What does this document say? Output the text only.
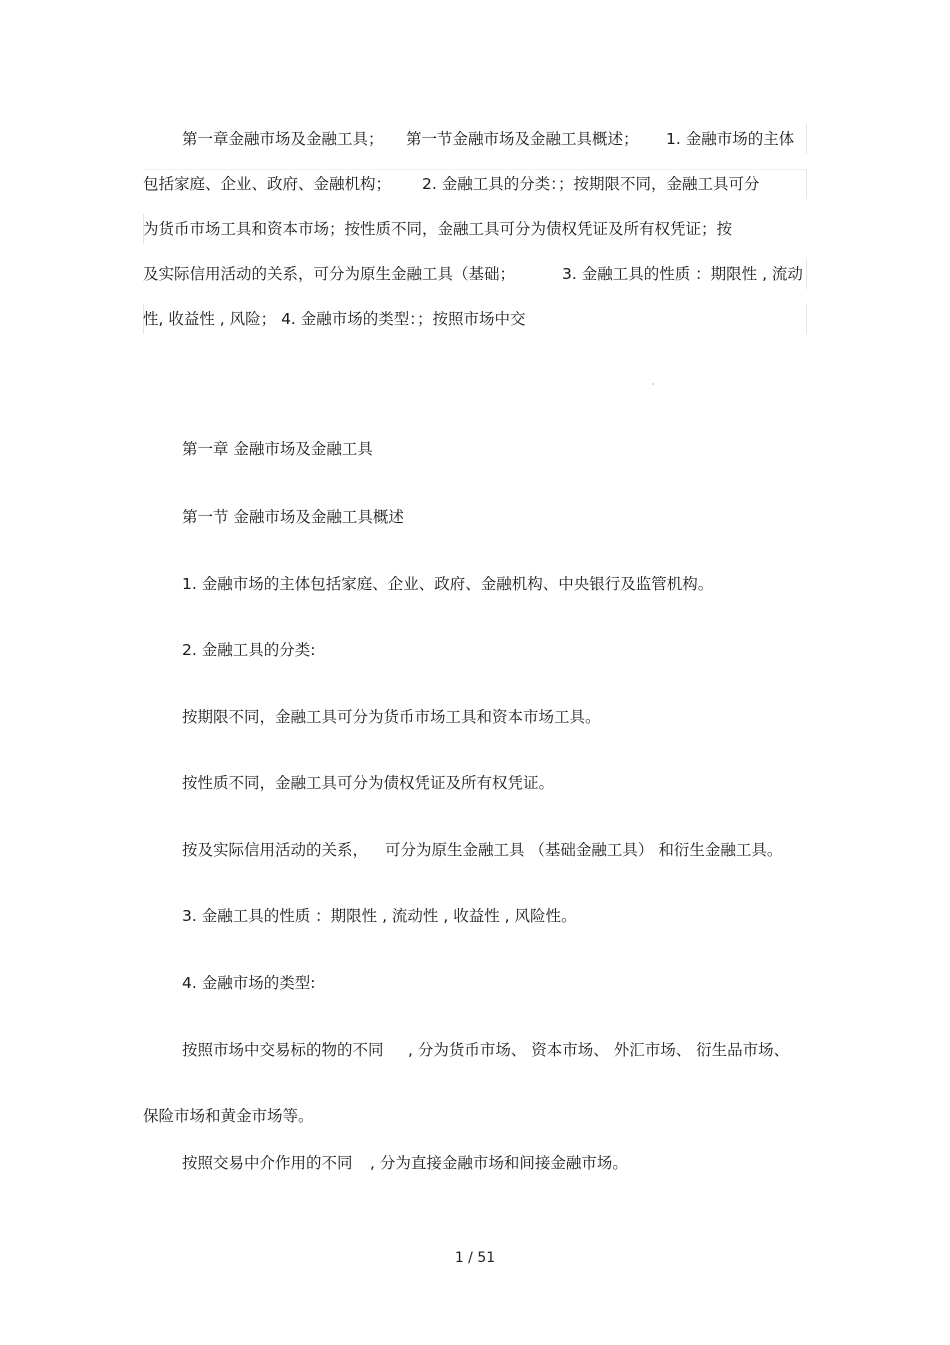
第一章金融市场及金融工具； 第一节金融市场及金融工具概述； 1. 金融市场的主体
包括家庭、企业、政府、金融机构； 2. 金融工具的分类：；按期限不同，金融工具可分
为货币市场工具和资本市场；按性质不同，金融工具可分为债权凭证及所有权凭证；按
及实际信用活动的关系，可分为原生金融工具（基础；	3. 金融工具的性质 ：期限性 , 流动
性, 收益性 , 风险； 4. 金融市场的类型：；按照市场中交
第一章 金融市场及金融工具
第一节 金融市场及金融工具概述
1. 金融市场的主体包括家庭、企业、政府、金融机构、中央银行及监管机构。
2. 金融工具的分类:
按期限不同，金融工具可分为货币市场工具和资本市场工具。
按性质不同，金融工具可分为债权凭证及所有权凭证。
按及实际信用活动的关系， 可分为原生金融工具 （基础金融工具） 和衍生金融工具。
3. 金融工具的性质 ：期限性 , 流动性 , 收益性 , 风险性。
4. 金融市场的类型:
按照市场中交易标的物的不同 , 分为货币市场、 资本市场、 外汇市场、 衍生品市场、
保险市场和黄金市场等。
按照交易中介作用的不同 , 分为直接金融市场和间接金融市场。
1 / 51
